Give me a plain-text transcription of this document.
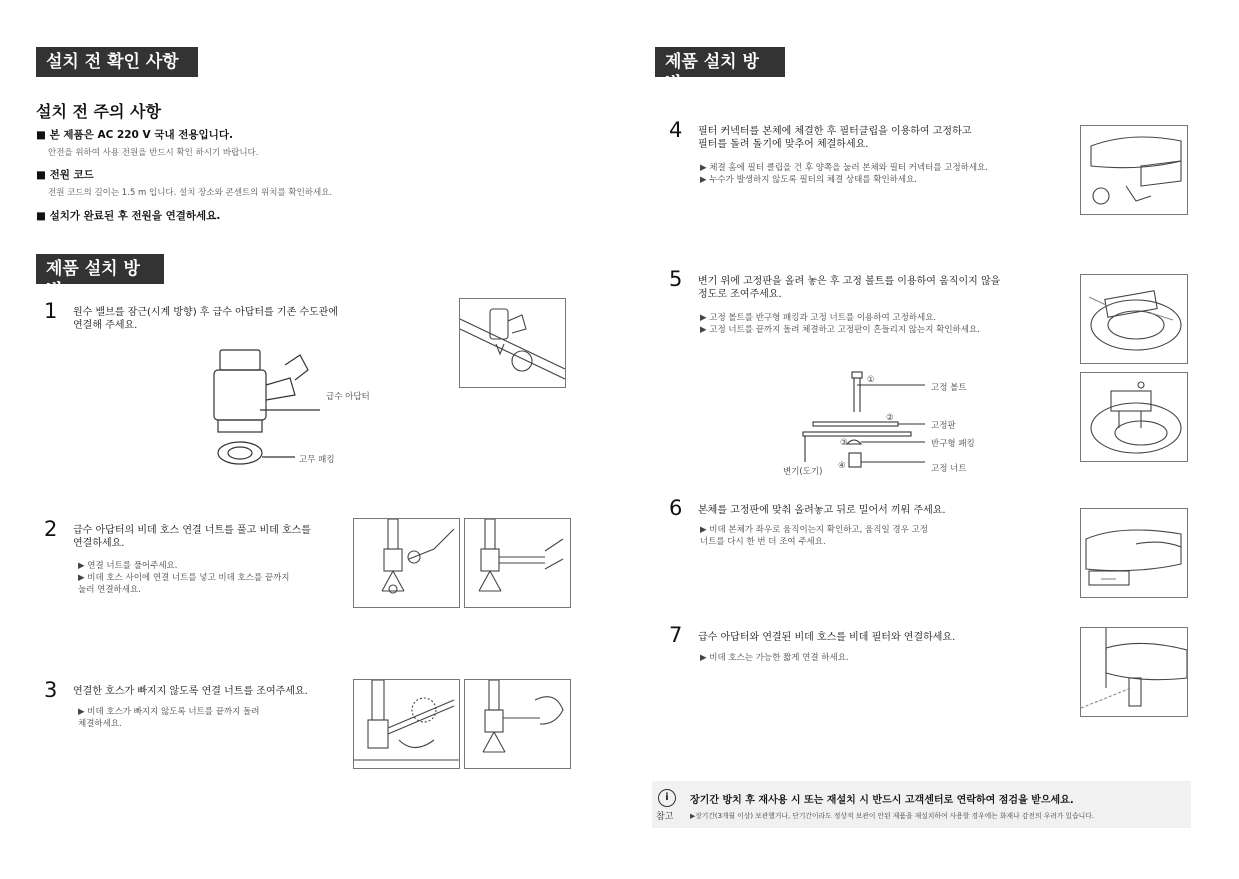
설치 전 확인 사항
설치 전 주의 사항
■ 본 제품은 AC 220 V 국내 전용입니다.
안전을 위하여 사용 전원을 반드시 확인 하시기 바랍니다.
■ 전원 코드
전원 코드의 길이는 1.5 m 입니다. 설치 장소와 콘센트의 위치를 확인하세요.
■ 설치가 완료된 후 전원을 연결하세요.
제품 설치 방법
1 원수 밸브를 잠근(시계 방향) 후 급수 아답터를 기존 수도관에
연결해 주세요.
급수 아답터
고무 패킹
2 급수 아답터의 비데 호스 연결 너트를 풀고 비데 호스를
연결하세요.
▶ 연결 너트를 풀어주세요.
▶ 비데 호스 사이에 연결 너트를 넣고 비데 호스를 끝까지
눌러 연결하세요.
3 연결한 호스가 빠지지 않도록 연결 너트를 조여주세요.
▶ 비데 호스가 빠지지 않도록 너트를 끝까지 돌려
체결하세요.
제품 설치 방법
4 필터 커넥터를 본체에 체결한 후 필터클립을 이용하여 고정하고
필터를 돌려 돌기에 맞추어 체결하세요.
▶ 체결 홈에 필터 클립을 건 후 양쪽을 눌러 본체와 필터 커넥터를 고정하세요.
▶ 누수가 발생하지 않도록 필터의 체결 상태를 확인하세요.
5 변기 위에 고정판을 올려 놓은 후 고정 볼트를 이용하여 움직이지 않을
정도로 조여주세요.
▶ 고정 볼트를 반구형 패킹과 고정 너트를 이용하여 고정하세요.
▶ 고정 너트를 끝까지 돌려 체결하고 고정판이 흔들리지 않는지 확인하세요.
①
②
③
④
고정 볼트
고정판
반구형 패킹
고정 너트
변기(도기)
6 본체를 고정판에 맞춰 올려놓고 뒤로 밀어서 끼워 주세요.
▶ 비데 본체가 좌우로 움직이는지 확인하고, 움직일 경우 고정
너트를 다시 한 번 더 조여 주세요.
7 급수 아답터와 연결된 비데 호스를 비데 필터와 연결하세요.
▶ 비데 호스는 가능한 짧게 연결 하세요.
i
참고
장기간 방치 후 재사용 시 또는 재설치 시 반드시 고객센터로 연락하여 점검을 받으세요.
▶장기간(3개월 이상) 보관했거나, 단기간이라도 정상적 보관이 안된 제품을 재설치하여 사용할 경우에는 화재나 감전의 우려가 있습니다.
